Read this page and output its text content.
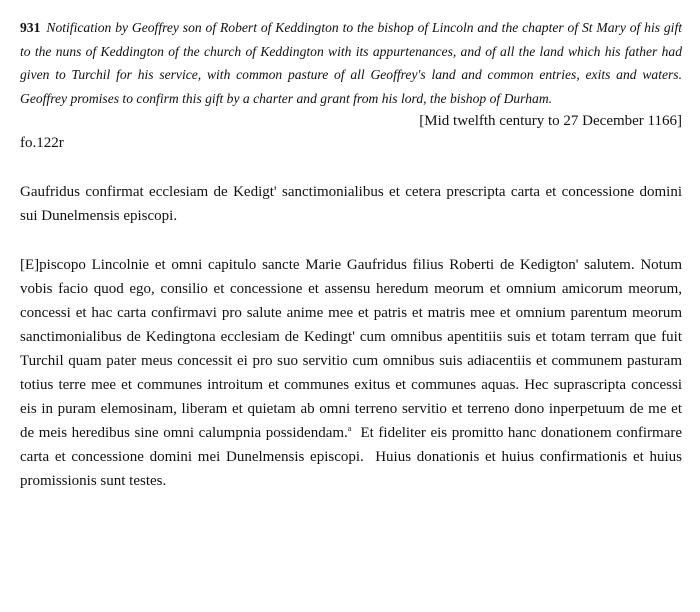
931 Notification by Geoffrey son of Robert of Keddington to the bishop of Lincoln and the chapter of St Mary of his gift to the nuns of Keddington of the church of Keddington with its appurtenances, and of all the land which his father had given to Turchil for his service, with common pasture of all Geoffrey's land and common entries, exits and waters. Geoffrey promises to confirm this gift by a charter and grant from his lord, the bishop of Durham.

[Mid twelfth century to 27 December 1166]

fo.122r

Gaufridus confirmat ecclesiam de Kedigt' sanctimonialibus et cetera prescripta carta et concessione domini sui Dunelmensis episcopi.

[E]piscopo Lincolnie et omni capitulo sancte Marie Gaufridus filius Roberti de Kedigton' salutem. Notum vobis facio quod ego, consilio et concessione et assensu heredum meorum et omnium amicorum meorum, concessi et hac carta confirmavi pro salute anime mee et patris et matris mee et omnium parentum meorum sanctimonialibus de Kedingtona ecclesiam de Kedingt' cum omnibus apentitiis suis et totam terram que fuit Turchil quam pater meus concessit ei pro suo servitio cum omnibus suis adiacentiis et communem pasturam totius terre mee et communes introitum et communes exitus et communes aquas. Hec suprascripta concessi eis in puram elemosinam, liberam et quietam ab omni terreno servitio et terreno dono inperpetuum de me et de meis heredibus sine omni calumpnia possidendam.$^a$  Et fideliter eis promitto hanc donationem confirmare carta et concessione domini mei Dunelmensis episcopi.  Huius donationis et huius confirmationis et huius promissionis sunt testes.
